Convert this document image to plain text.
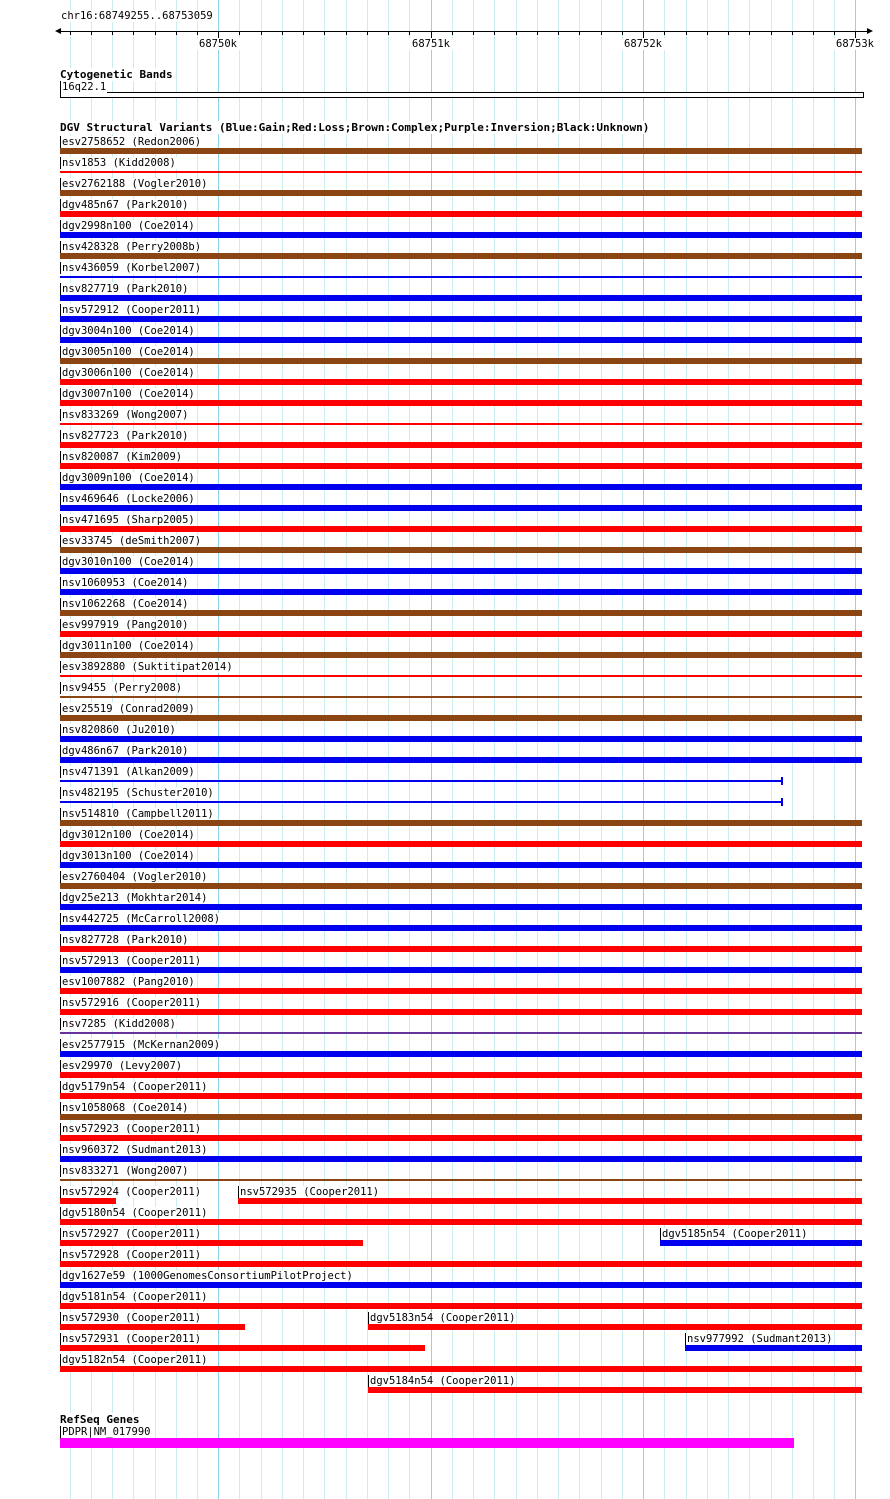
chr16:68749255..68753059
68750k	68751k	68752k	68753k
Cytogenetic Bands
16q22.1
DGV Structural Variants (Blue:Gain;Red:Loss;Brown:Complex;Purple:Inversion;Black:Unknown)
esv2758652 (Redon2006)
nsv1853 (Kidd2008)
esv2762188 (Vogler2010)
dgv485n67 (Park2010)
dgv2998n100 (Coe2014)
nsv428328 (Perry2008b)
nsv436059 (Korbel2007)
nsv827719 (Park2010)
nsv572912 (Cooper2011)
dgv3004n100 (Coe2014)
dgv3005n100 (Coe2014)
dgv3006n100 (Coe2014)
dgv3007n100 (Coe2014)
nsv833269 (Wong2007)
nsv827723 (Park2010)
nsv820087 (Kim2009)
dgv3009n100 (Coe2014)
nsv469646 (Locke2006)
nsv471695 (Sharp2005)
esv33745 (deSmith2007)
dgv3010n100 (Coe2014)
nsv1060953 (Coe2014)
nsv1062268 (Coe2014)
esv997919 (Pang2010)
dgv3011n100 (Coe2014)
esv3892880 (Suktitipat2014)
nsv9455 (Perry2008)
esv25519 (Conrad2009)
nsv820860 (Ju2010)
dgv486n67 (Park2010)
nsv471391 (Alkan2009)
nsv482195 (Schuster2010)
nsv514810 (Campbell2011)
dgv3012n100 (Coe2014)
dgv3013n100 (Coe2014)
esv2760404 (Vogler2010)
dgv25e213 (Mokhtar2014)
nsv442725 (McCarroll2008)
nsv827728 (Park2010)
nsv572913 (Cooper2011)
esv1007882 (Pang2010)
nsv572916 (Cooper2011)
nsv7285 (Kidd2008)
esv2577915 (McKernan2009)
esv29970 (Levy2007)
dgv5179n54 (Cooper2011)
nsv1058068 (Coe2014)
nsv572923 (Cooper2011)
nsv960372 (Sudmant2013)
nsv833271 (Wong2007)
nsv572924 (Cooper2011)	nsv572935 (Cooper2011)
dgv5180n54 (Cooper2011)
nsv572927 (Cooper2011)	dgv5185n54 (Cooper2011)
nsv572928 (Cooper2011)
dgv1627e59 (1000GenomesConsortiumPilotProject)
dgv5181n54 (Cooper2011)
nsv572930 (Cooper2011)	dgv5183n54 (Cooper2011)
nsv572931 (Cooper2011)	nsv977992 (Sudmant2013)
dgv5182n54 (Cooper2011)
dgv5184n54 (Cooper2011)
RefSeq Genes
PDPR|NM_017990
